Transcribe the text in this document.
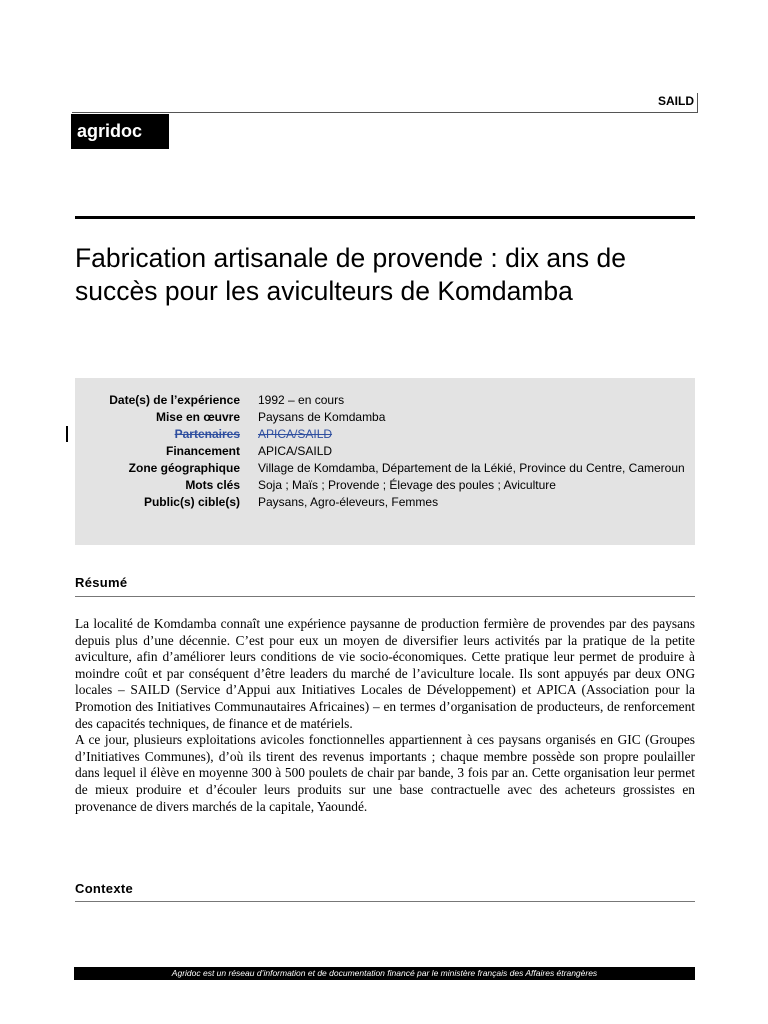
SAILD
agridoc
Fabrication artisanale de provende : dix ans de succès pour les aviculteurs de Komdamba
Date(s) de l’expérience	1992 – en cours
Mise en œuvre	Paysans de Komdamba
Partenaires	APICA/SAILD
Financement	APICA/SAILD
Zone géographique	Village de Komdamba, Département de la Lékié, Province du Centre, Cameroun
Mots clés	Soja ; Maïs ; Provende ; Élevage des poules ; Aviculture
Public(s) cible(s)	Paysans, Agro-éleveurs, Femmes
Résumé

La localité de Komdamba connaît une expérience paysanne de production fermière de provendes par des paysans depuis plus d’une décennie. C’est pour eux un moyen de diversifier leurs activités par la pratique de la petite aviculture, afin d’améliorer leurs conditions de vie socio-économiques. Cette pratique leur permet de produire à moindre coût et par conséquent d’être leaders du marché de l’aviculture locale. Ils sont appuyés par deux ONG locales – SAILD (Service d’Appui aux Initiatives Locales de Développement) et APICA (Association pour la Promotion des Initiatives Communautaires Africaines) – en termes d’organisation de producteurs, de renforcement des capacités techniques, de finance et de matériels.

A ce jour, plusieurs exploitations avicoles fonctionnelles appartiennent à ces paysans organisés en GIC (Groupes d’Initiatives Communes), d’où ils tirent des revenus importants ; chaque membre possède son propre poulailler dans lequel il élève en moyenne 300 à 500 poulets de chair par bande, 3 fois par an. Cette organisation leur permet de mieux produire et d’écouler leurs produits sur une base contractuelle avec des acheteurs grossistes en provenance de divers marchés de la capitale, Yaoundé.

Contexte
Agridoc est un réseau d’information et de documentation financé par le ministère français des Affaires étrangères
